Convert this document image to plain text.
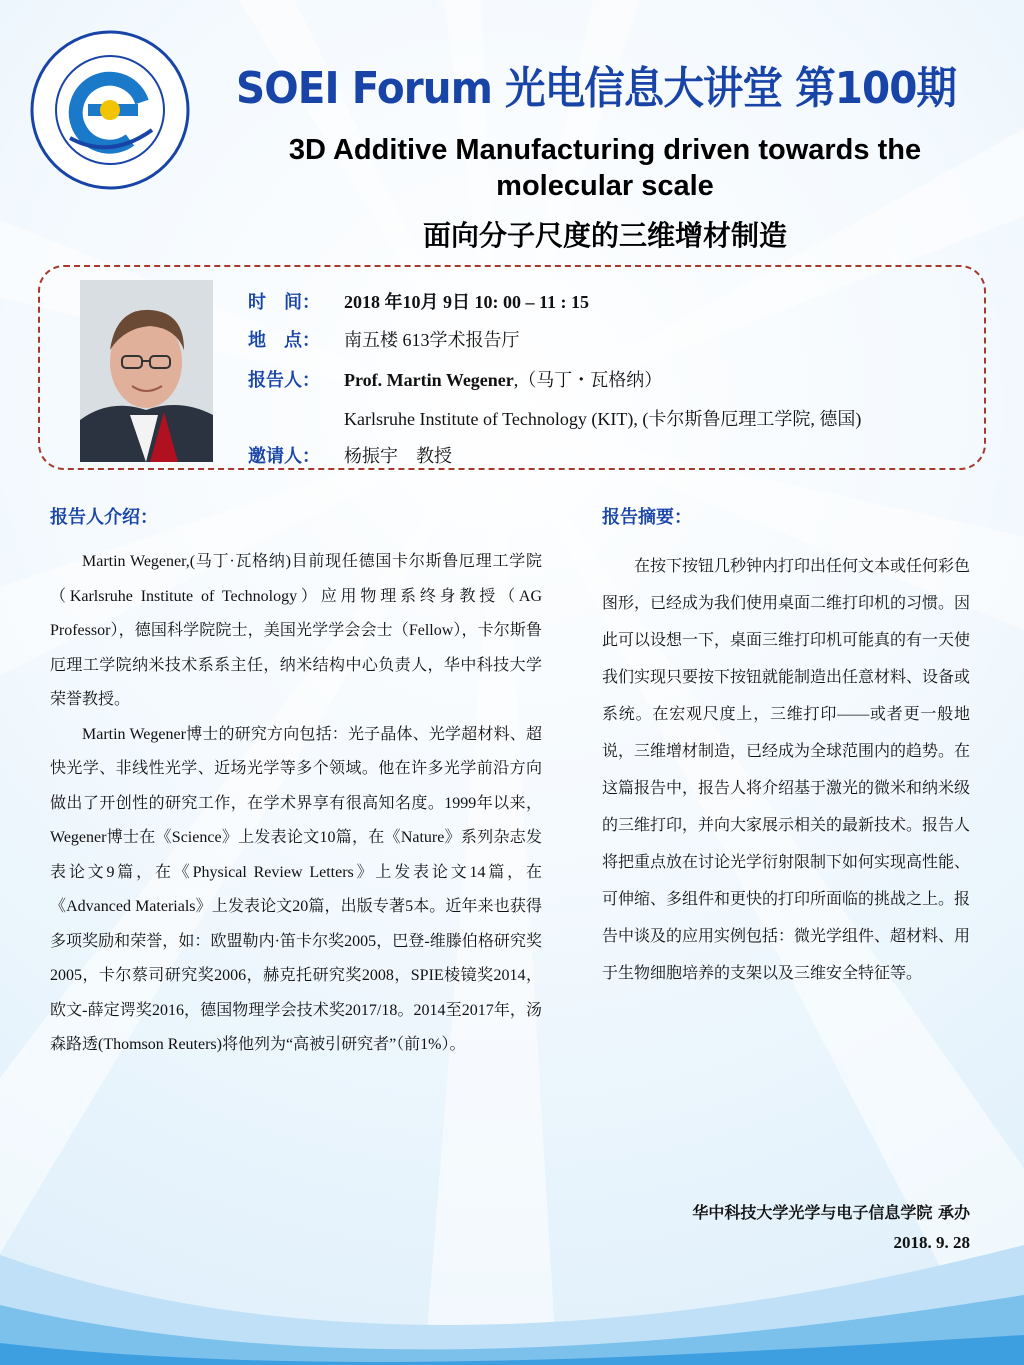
SOEI Forum 光电信息大讲堂 第100期
3D Additive Manufacturing driven towards the molecular scale
面向分子尺度的三维增材制造
时　间：	2018 年10月 9日 10: 00 – 11 : 15
地　点：	南五楼 613学术报告厅
报告人：	Prof. Martin Wegener,（马丁・瓦格纳）
Karlsruhe Institute of Technology (KIT), (卡尔斯鲁厄理工学院, 德国)
邀请人：	杨振宇　教授
报告人介绍：

Martin Wegener,(马丁·瓦格纳)目前现任德国卡尔斯鲁厄理工学院（Karlsruhe Institute of Technology）应用物理系终身教授（AG Professor），德国科学院院士，美国光学学会会士（Fellow），卡尔斯鲁厄理工学院纳米技术系系主任，纳米结构中心负责人，华中科技大学荣誉教授。

Martin Wegener博士的研究方向包括：光子晶体、光学超材料、超快光学、非线性光学、近场光学等多个领域。他在许多光学前沿方向做出了开创性的研究工作，在学术界享有很高知名度。1999年以来，Wegener博士在《Science》上发表论文10篇，在《Nature》系列杂志发表论文9篇，在《Physical Review Letters》上发表论文14篇，在《Advanced Materials》上发表论文20篇，出版专著5本。近年来也获得多项奖励和荣誉，如：欧盟勒内·笛卡尔奖2005，巴登-维滕伯格研究奖2005，卡尔蔡司研究奖2006，赫克托研究奖2008，SPIE棱镜奖2014，欧文-薛定谔奖2016，德国物理学会技术奖2017/18。2014至2017年，汤森路透(Thomson Reuters)将他列为“高被引研究者”（前1%）。

报告摘要：

在按下按钮几秒钟内打印出任何文本或任何彩色图形，已经成为我们使用桌面二维打印机的习惯。因此可以设想一下，桌面三维打印机可能真的有一天使我们实现只要按下按钮就能制造出任意材料、设备或系统。在宏观尺度上，三维打印——或者更一般地说，三维增材制造，已经成为全球范围内的趋势。在这篇报告中，报告人将介绍基于激光的微米和纳米级的三维打印，并向大家展示相关的最新技术。报告人将把重点放在讨论光学衍射限制下如何实现高性能、可伸缩、多组件和更快的打印所面临的挑战之上。报告中谈及的应用实例包括：微光学组件、超材料、用于生物细胞培养的支架以及三维安全特征等。

华中科技大学光学与电子信息学院 承办
2018. 9. 28
